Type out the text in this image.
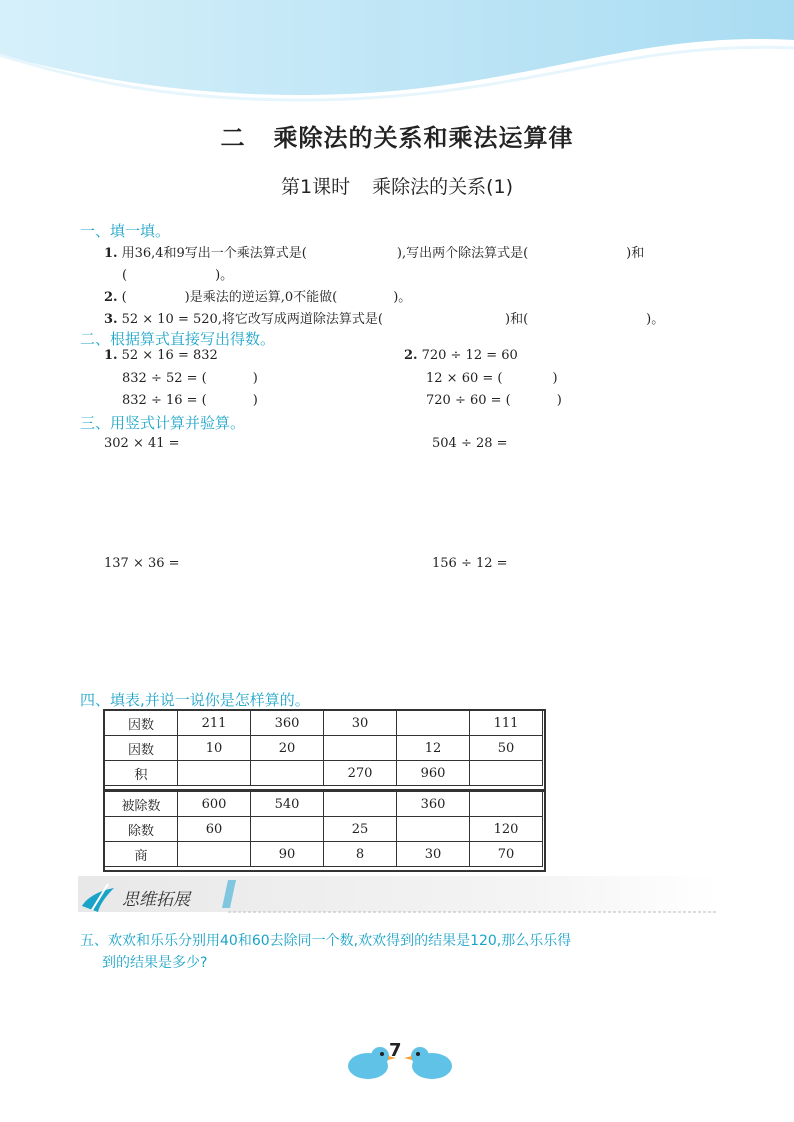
二 乘除法的关系和乘法运算律
第1课时 乘除法的关系(1)
一、填一填。
1. 用36,4和9写出一个乘法算式是(	),写出两个除法算式是(	)和
(	)。
2. (	)是乘法的逆运算,0不能做(	)。
3. 52 × 10 = 520,将它改写成两道除法算式是(	)和(	)。
二、根据算式直接写出得数。
1. 52 × 16 = 832
832 ÷ 52 = (	)
832 ÷ 16 = (	)
2. 720 ÷ 12 = 60
12 × 60 = (	)
720 ÷ 60 = (	)
三、用竖式计算并验算。
302 × 41 =	504 ÷ 28 =
137 × 36 =	156 ÷ 12 =
四、填表,并说一说你是怎样算的。
因数	211	360	30		111
因数	10	20		12	50
积			270	960	
被除数	600	540		360	
除数	60		25		120
商		90	8	30	70
思维拓展
五、欢欢和乐乐分别用40和60去除同一个数,欢欢得到的结果是120,那么乐乐得
到的结果是多少?
7
